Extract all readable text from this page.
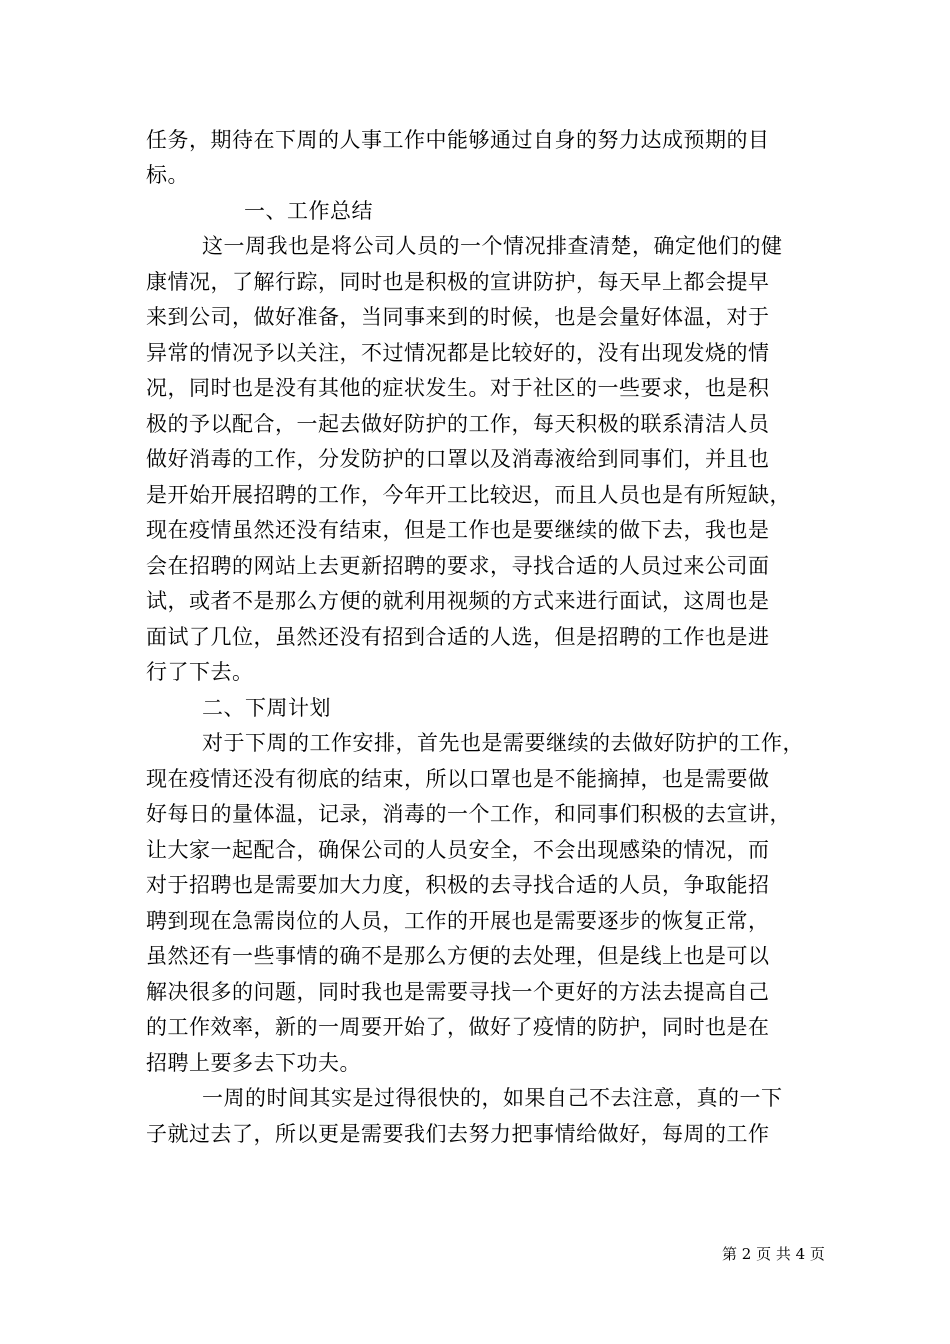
任务，期待在下周的人事工作中能够通过自身的努力达成预期的目
标。
一、工作总结
这一周我也是将公司人员的一个情况排查清楚，确定他们的健
康情况，了解行踪，同时也是积极的宣讲防护，每天早上都会提早
来到公司，做好准备，当同事来到的时候，也是会量好体温，对于
异常的情况予以关注，不过情况都是比较好的，没有出现发烧的情
况，同时也是没有其他的症状发生。对于社区的一些要求，也是积
极的予以配合，一起去做好防护的工作，每天积极的联系清洁人员
做好消毒的工作，分发防护的口罩以及消毒液给到同事们，并且也
是开始开展招聘的工作，今年开工比较迟，而且人员也是有所短缺，
现在疫情虽然还没有结束，但是工作也是要继续的做下去，我也是
会在招聘的网站上去更新招聘的要求，寻找合适的人员过来公司面
试，或者不是那么方便的就利用视频的方式来进行面试，这周也是
面试了几位，虽然还没有招到合适的人选，但是招聘的工作也是进
行了下去。
二、下周计划
对于下周的工作安排，首先也是需要继续的去做好防护的工作，
现在疫情还没有彻底的结束，所以口罩也是不能摘掉，也是需要做
好每日的量体温，记录，消毒的一个工作，和同事们积极的去宣讲，
让大家一起配合，确保公司的人员安全，不会出现感染的情况，而
对于招聘也是需要加大力度，积极的去寻找合适的人员，争取能招
聘到现在急需岗位的人员，工作的开展也是需要逐步的恢复正常，
虽然还有一些事情的确不是那么方便的去处理，但是线上也是可以
解决很多的问题，同时我也是需要寻找一个更好的方法去提高自己
的工作效率，新的一周要开始了，做好了疫情的防护，同时也是在
招聘上要多去下功夫。
一周的时间其实是过得很快的，如果自己不去注意，真的一下
子就过去了，所以更是需要我们去努力把事情给做好，每周的工作
第 2 页 共 4 页
